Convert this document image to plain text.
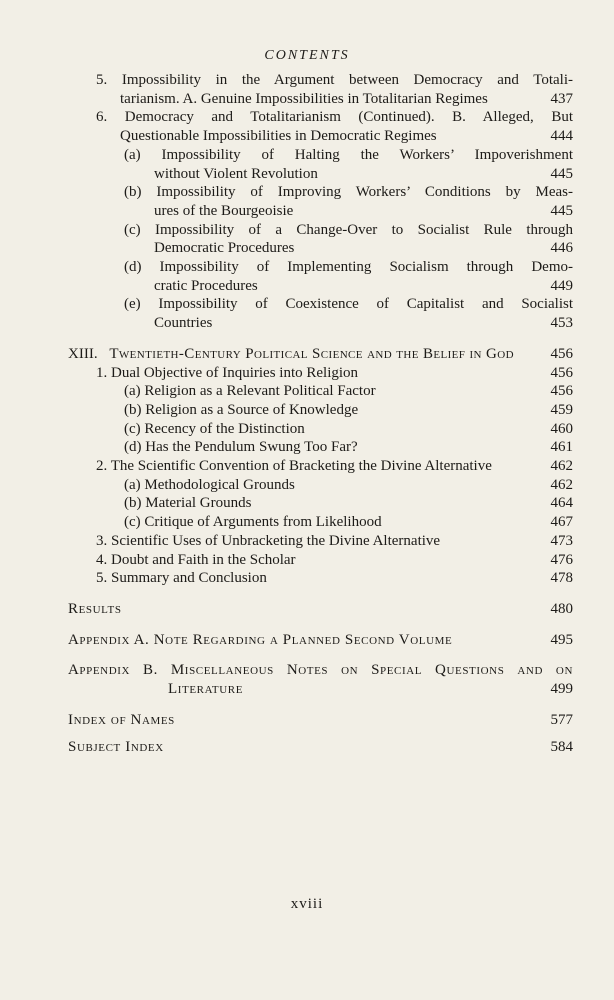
CONTENTS
5. Impossibility in the Argument between Democracy and Totali-
tarianism. A. Genuine Impossibilities in Totalitarian Regimes	437
6. Democracy and Totalitarianism (Continued). B. Alleged, But
Questionable Impossibilities in Democratic Regimes	444
(a) Impossibility of Halting the Workers’ Impoverishment
without Violent Revolution	445
(b) Impossibility of Improving Workers’ Conditions by Meas-
ures of the Bourgeoisie	445
(c) Impossibility of a Change-Over to Socialist Rule through
Democratic Procedures	446
(d) Impossibility of Implementing Socialism through Demo-
cratic Procedures	449
(e) Impossibility of Coexistence of Capitalist and Socialist
Countries	453
XIII. Twentieth-Century Political Science and the Belief in God	456
1. Dual Objective of Inquiries into Religion	456
(a) Religion as a Relevant Political Factor	456
(b) Religion as a Source of Knowledge	459
(c) Recency of the Distinction	460
(d) Has the Pendulum Swung Too Far?	461
2. The Scientific Convention of Bracketing the Divine Alternative	462
(a) Methodological Grounds	462
(b) Material Grounds	464
(c) Critique of Arguments from Likelihood	467
3. Scientific Uses of Unbracketing the Divine Alternative	473
4. Doubt and Faith in the Scholar	476
5. Summary and Conclusion	478
Results	480
Appendix A. Note Regarding a Planned Second Volume	495
Appendix B. Miscellaneous Notes on Special Questions and on
Literature	499
Index of Names	577
Subject Index	584
xviii
